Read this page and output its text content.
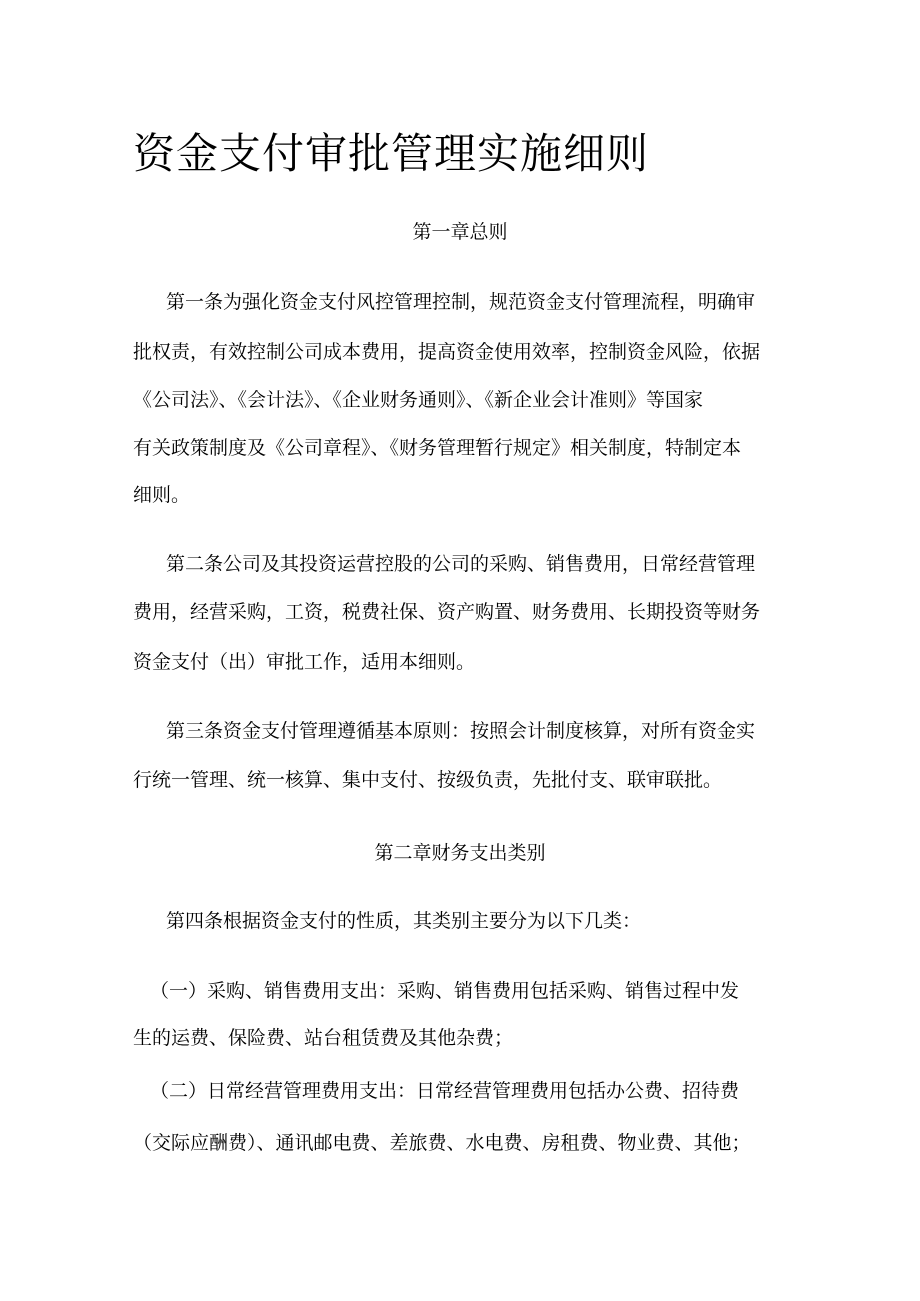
资金支付审批管理实施细则
第一章总则
第一条为强化资金支付风控管理控制，规范资金支付管理流程，明确审
批权责，有效控制公司成本费用，提高资金使用效率，控制资金风险，依据
《公司法》、《会计法》、《企业财务通则》、《新企业会计准则》等国家
有关政策制度及《公司章程》、《财务管理暂行规定》相关制度，特制定本
细则。
第二条公司及其投资运营控股的公司的采购、销售费用，日常经营管理
费用，经营采购，工资，税费社保、资产购置、财务费用、长期投资等财务
资金支付（出）审批工作，适用本细则。
第三条资金支付管理遵循基本原则：按照会计制度核算，对所有资金实
行统一管理、统一核算、集中支付、按级负责，先批付支、联审联批。
第二章财务支出类别
第四条根据资金支付的性质，其类别主要分为以下几类：
（一）采购、销售费用支出：采购、销售费用包括采购、销售过程中发
生的运费、保险费、站台租赁费及其他杂费；
（二）日常经营管理费用支出：日常经营管理费用包括办公费、招待费
（交际应酬费）、通讯邮电费、差旅费、水电费、房租费、物业费、其他；
